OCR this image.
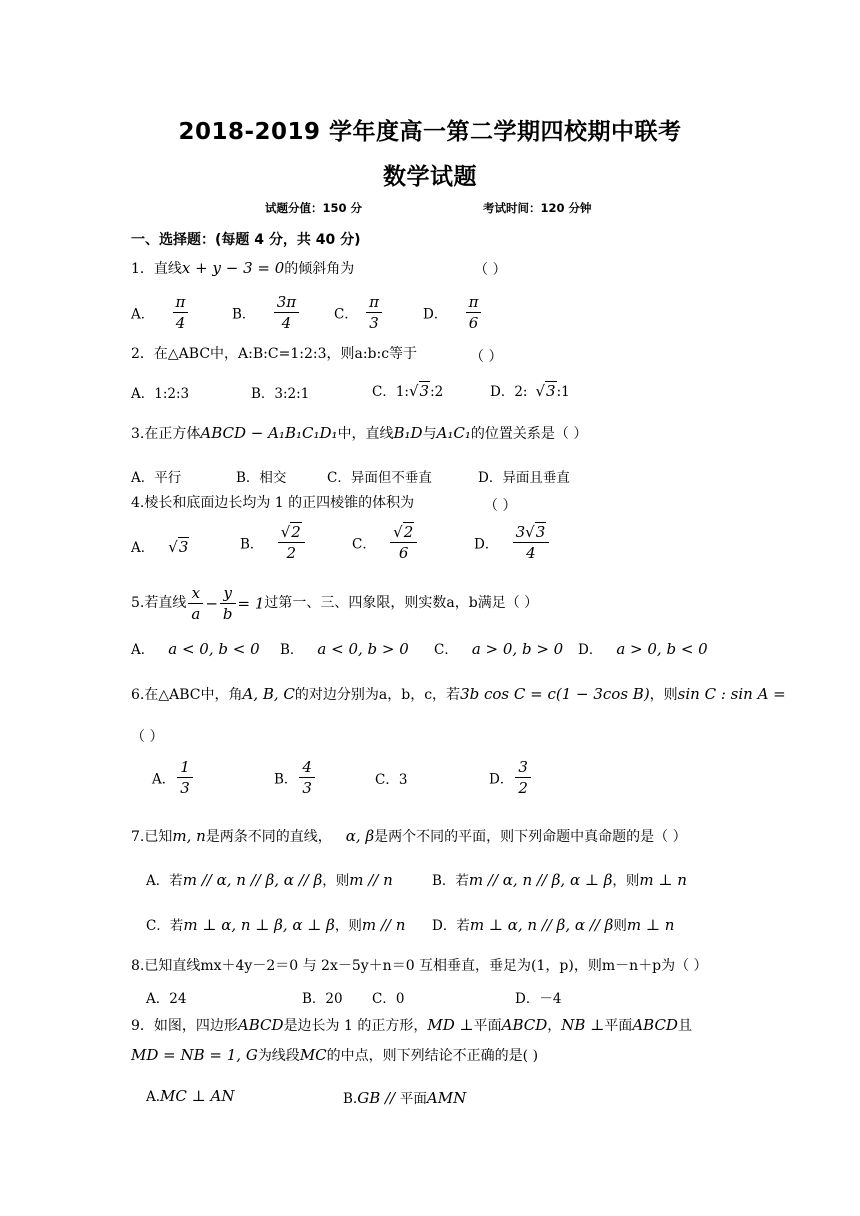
2018-2019 学年度高一第二学期四校期中联考
数学试题
试题分值：150 分	考试时间：120 分钟
一、选择题：(每题 4 分，共 40 分)
1．直线x + y − 3 = 0的倾斜角为	（ ）
A． $\frac{\pi}{4}$	B． $\frac{3\pi}{4}$	C． $\frac{\pi}{3}$	D． $\frac{\pi}{6}$
2．在△ABC中，A:B:C=1:2:3，则a:b:c等于	（ ）
A．1:2:3	B．3:2:1	C．1:√3:2	D．2: √3:1
3.在正方体ABCD − A₁B₁C₁D₁中，直线B₁D与A₁C₁的位置关系是（ ）
A．平行	B．相交	C．异面但不垂直	D．异面且垂直
4.棱长和底面边长均为 1 的正四棱锥的体积为	（ ）
A． √3	B． $\frac{√2}{2}$	C． $\frac{√2}{6}$	D． $\frac{3√3}{4}$
5.若直线 $\frac{x}{a} - \frac{y}{b} = 1$过第一、三、四象限，则实数a，b满足（ ）
A． a < 0, b < 0 B． a < 0, b > 0 C． a > 0, b > 0 D． a > 0, b < 0
6.在△ABC中，角A, B, C的对边分别为a，b，c，若3b cos C = c(1 − 3cos B)，则sin C : sin A =
（ ）
A． $\frac{1}{3}$	B． $\frac{4}{3}$	C．3	D． $\frac{3}{2}$
7.已知m, n是两条不同的直线， α, β是两个不同的平面，则下列命题中真命题的是（ ）
A．若m // α, n // β, α // β，则m // n	B．若m // α, n // β, α ⊥ β，则m ⊥ n
C．若m ⊥ α, n ⊥ β, α ⊥ β，则m // n D．若m ⊥ α, n // β, α // β则m ⊥ n
8.已知直线mx＋4y－2＝0 与 2x－5y＋n＝0 互相垂直，垂足为(1，p)，则m－n＋p为（ ）
A．24	B．20 C．0	D．－4
9．如图，四边形ABCD是边长为 1 的正方形，MD ⊥平面ABCD，NB ⊥平面ABCD且
MD = NB = 1, G为线段MC的中点，则下列结论不正确的是( )
A.MC ⊥ AN	B.GB // 平面AMN
